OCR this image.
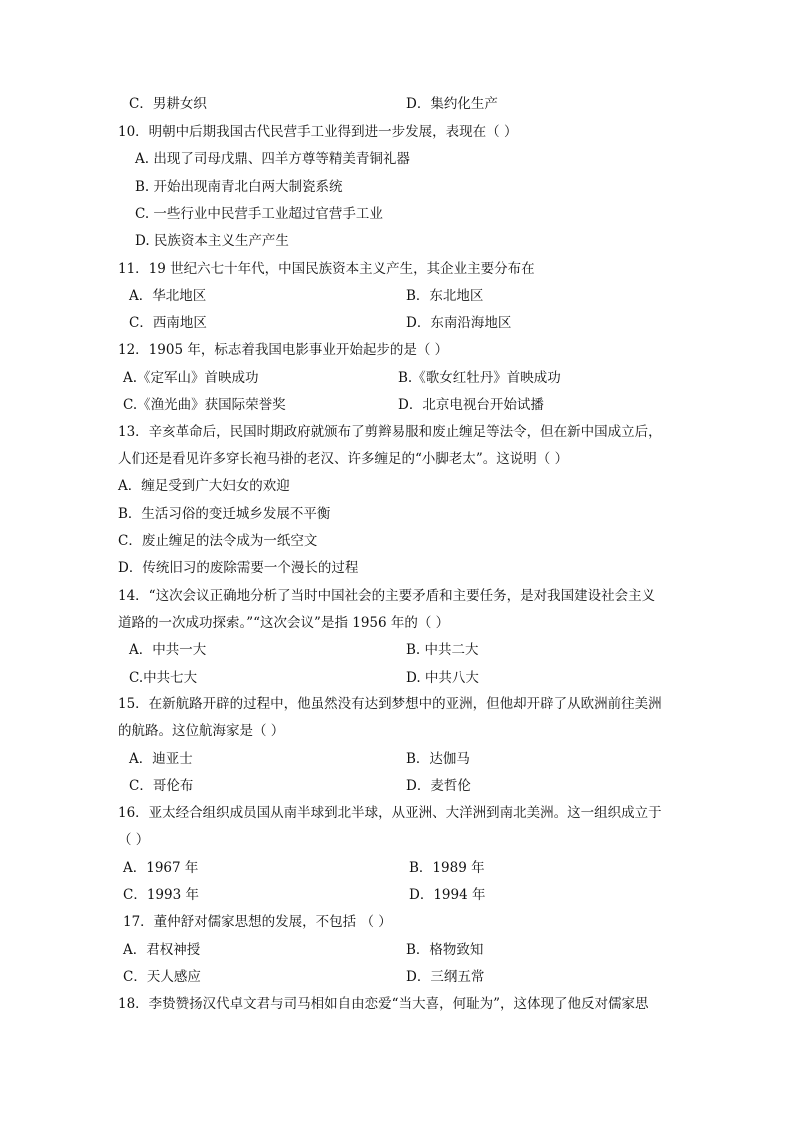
C．男耕女织	D．集约化生产
10．明朝中后期我国古代民营手工业得到进一步发展，表现在（ ）
A. 出现了司母戊鼎、四羊方尊等精美青铜礼器
B. 开始出现南青北白两大制瓷系统
C. 一些行业中民营手工业超过官营手工业
D. 民族资本主义生产产生
11．19 世纪六七十年代，中国民族资本主义产生，其企业主要分布在
A．华北地区	B．东北地区
C．西南地区	D．东南沿海地区
12．1905 年，标志着我国电影事业开始起步的是（ ）
A.《定军山》首映成功	B.《歌女红牡丹》首映成功
C.《渔光曲》获国际荣誉奖	D．北京电视台开始试播
13．辛亥革命后，民国时期政府就颁布了剪辫易服和废止缠足等法令，但在新中国成立后，
人们还是看见许多穿长袍马褂的老汉、许多缠足的“小脚老太”。这说明（ ）
A．缠足受到广大妇女的欢迎
B．生活习俗的变迁城乡发展不平衡
C．废止缠足的法令成为一纸空文
D．传统旧习的废除需要一个漫长的过程
14．“这次会议正确地分析了当时中国社会的主要矛盾和主要任务，是对我国建设社会主义
道路的一次成功探索。”“这次会议”是指 1956 年的（ ）
A．中共一大	B. 中共二大
C.中共七大	D. 中共八大
15．在新航路开辟的过程中，他虽然没有达到梦想中的亚洲，但他却开辟了从欧洲前往美洲
的航路。这位航海家是（ ）
A．迪亚士	B．达伽马
C．哥伦布	D．麦哲伦
16．亚太经合组织成员国从南半球到北半球，从亚洲、大洋洲到南北美洲。这一组织成立于
（ ）
A．1967 年	B．1989 年
C．1993 年	D．1994 年
17．董仲舒对儒家思想的发展，不包括 （ ）
A．君权神授	B．格物致知
C．天人感应	D．三纲五常
18．李贽赞扬汉代卓文君与司马相如自由恋爱“当大喜，何耻为”，这体现了他反对儒家思
